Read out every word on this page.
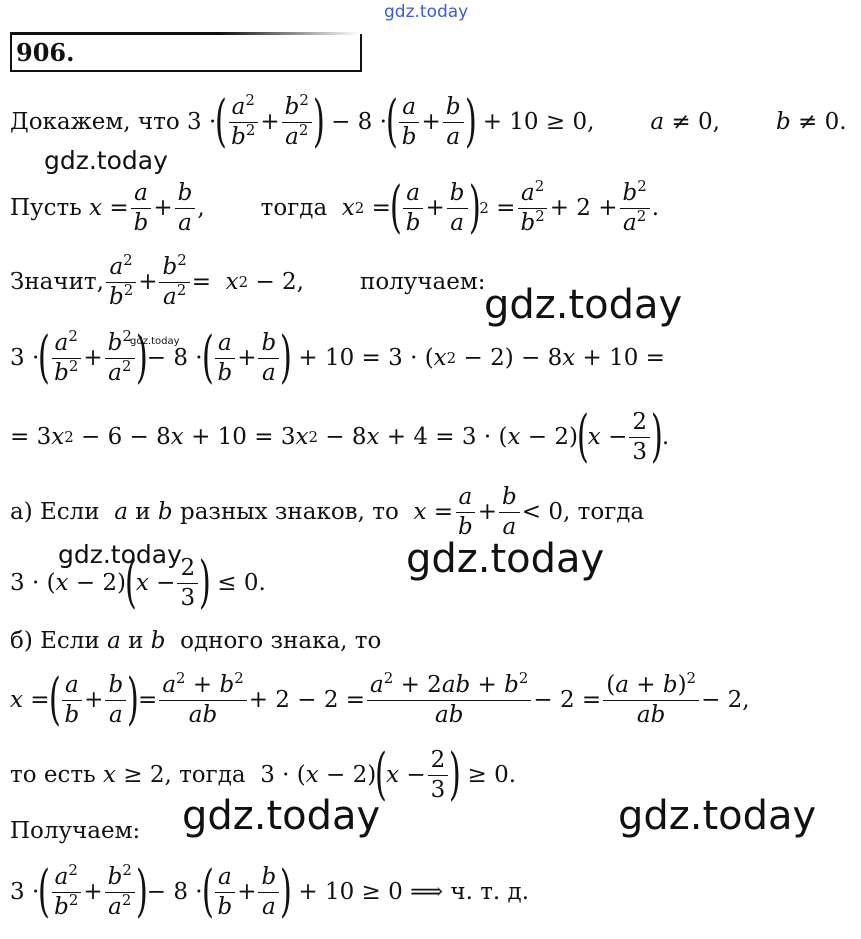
906.
gdz.today
gdz.today
gdz.today
gdz.today
gdz.today	gdz.today
gdz.today	gdz.today
Докажем, что 3 ·
( $\frac{a^2}{b^2} + \frac{b^2}{a^2}$ )
− 8 ·
( $\frac{a}{b} + \frac{b}{a}$ )
+ 10 ≥ 0, a ≠ 0, b ≠ 0.
Пусть
$x = \frac{a}{b} + \frac{b}{a}$ , тогда
x 2 =
( $\frac{a}{b} + \frac{b}{a}$ )
$2 = \frac{a^2}{b^2} + 2 + \frac{b^2}{a^2}$ .
Значит, $\frac{a^2}{b^2} + \frac{b^2}{a^2} = x$ 2 − 2, получаем:
3 ·
( $\frac{a^2}{b^2} + \frac{b^2}{a^2}$ )
− 8 ·
( $\frac{a}{b} + \frac{b}{a}$ )
+ 10 = 3 · ( x 2 − 2) − 8 x + 10 =
= 3 x 2 − 6 − 8 x + 10 = 3 x 2 − 8 x + 4 = 3 · ( x − 2)
(
$x - \frac{2}{3}$ )
.
а) Если
a
и
b
разных знаков, то
$x = \frac{a}{b} + \frac{b}{a} < 0$ , тогда
3 · ( x − 2)
(
$x - \frac{2}{3}$ )
≤ 0.
б) Если
a
и
b
одного знака, то
x =
( $\frac{a}{b} + \frac{b}{a}$ )
= $\frac{a^2 + b^2}{ab} + 2 - 2 = \frac{a^2 + 2ab + b^2}{ab} - 2 = \frac{(a + b)^2}{ab} - 2$,
то есть
x ≥ 2 , тогда 3 · ( x − 2)
(
$x - \frac{2}{3}$ )
≥ 0.
Получаем:
3 ·
( $\frac{a^2}{b^2} + \frac{b^2}{a^2}$ )
− 8 ·
( $\frac{a}{b} + \frac{b}{a}$ )
+ 10 ≥ 0 ⟹ ч. т. д.
